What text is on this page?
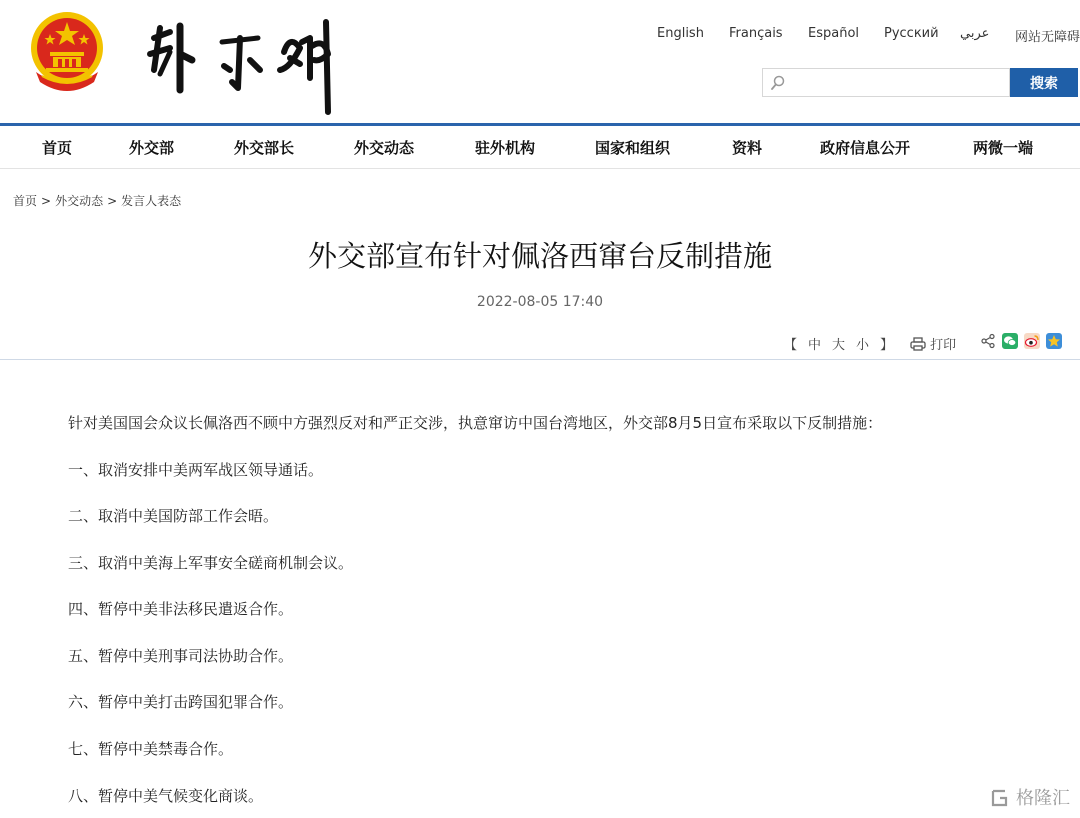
English Français Español Русский عربي 网站无障碍
搜索
首页	外交部	外交部长	外交动态	驻外机构	国家和组织	资料	政府信息公开	两微一端
首页 > 外交动态 > 发言人表态
外交部宣布针对佩洛西窜台反制措施
2022-08-05 17:40
【 中 大 小 】	打印

针对美国国会众议长佩洛西不顾中方强烈反对和严正交涉，执意窜访中国台湾地区，外交部8月5日宣布采取以下反制措施：
一、取消安排中美两军战区领导通话。
二、取消中美国防部工作会晤。
三、取消中美海上军事安全磋商机制会议。
四、暂停中美非法移民遣返合作。
五、暂停中美刑事司法协助合作。
六、暂停中美打击跨国犯罪合作。
七、暂停中美禁毒合作。
八、暂停中美气候变化商谈。	格隆汇
